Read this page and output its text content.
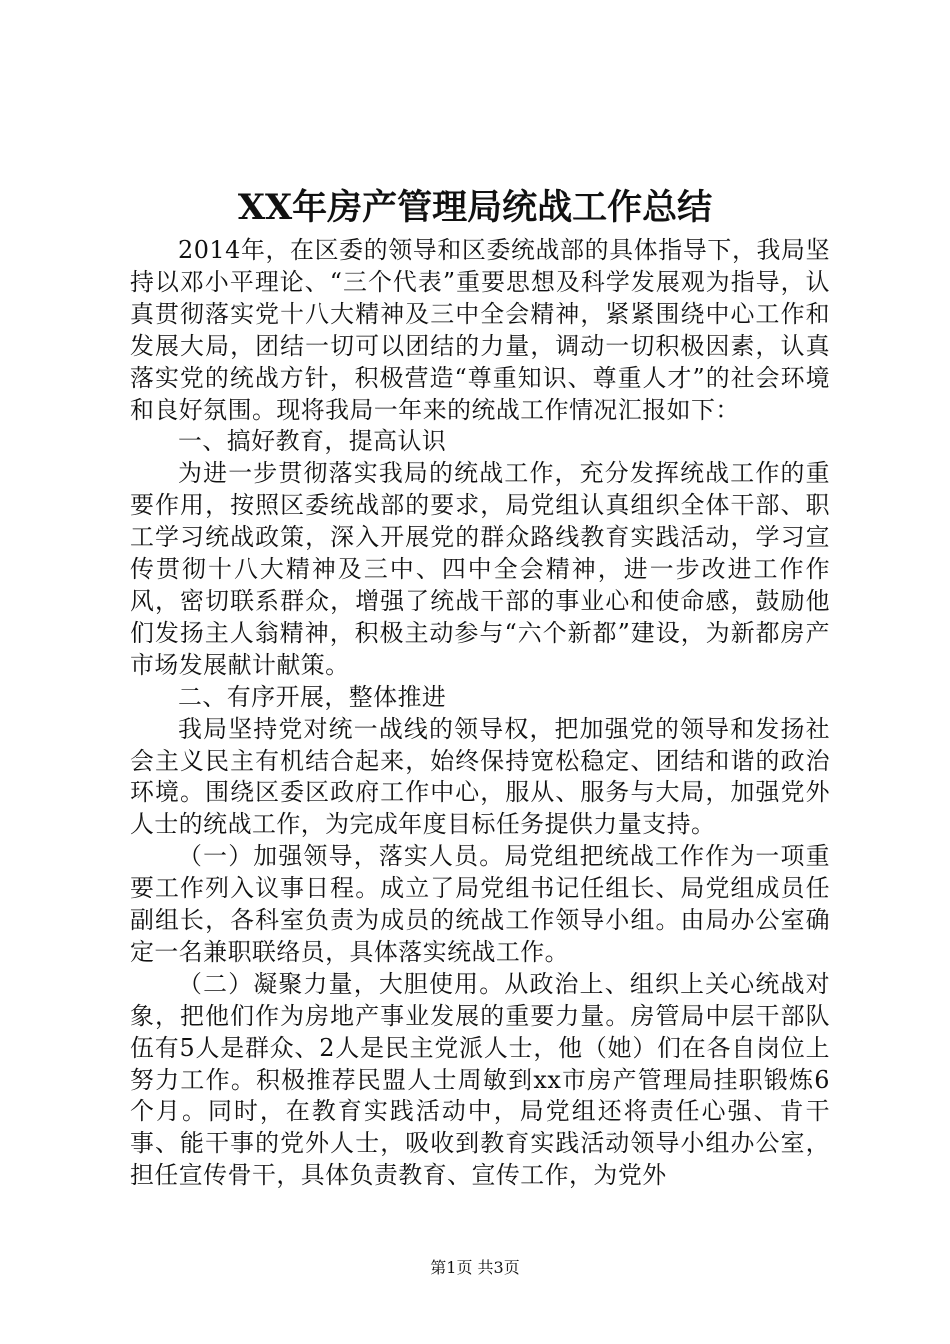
XX年房产管理局统战工作总结

2014年，在区委的领导和区委统战部的具体指导下，我局坚持以邓小平理论、“三个代表”重要思想及科学发展观为指导，认真贯彻落实党十八大精神及三中全会精神，紧紧围绕中心工作和发展大局，团结一切可以团结的力量，调动一切积极因素，认真落实党的统战方针，积极营造“尊重知识、尊重人才”的社会环境和良好氛围。现将我局一年来的统战工作情况汇报如下：

一、搞好教育，提高认识

为进一步贯彻落实我局的统战工作，充分发挥统战工作的重要作用，按照区委统战部的要求，局党组认真组织全体干部、职工学习统战政策，深入开展党的群众路线教育实践活动，学习宣传贯彻十八大精神及三中、四中全会精神，进一步改进工作作风，密切联系群众，增强了统战干部的事业心和使命感，鼓励他们发扬主人翁精神，积极主动参与“六个新都”建设，为新都房产市场发展献计献策。

二、有序开展，整体推进

我局坚持党对统一战线的领导权，把加强党的领导和发扬社会主义民主有机结合起来，始终保持宽松稳定、团结和谐的政治环境。围绕区委区政府工作中心，服从、服务与大局，加强党外人士的统战工作，为完成年度目标任务提供力量支持。

（一）加强领导，落实人员。局党组把统战工作作为一项重要工作列入议事日程。成立了局党组书记任组长、局党组成员任副组长，各科室负责为成员的统战工作领导小组。由局办公室确定一名兼职联络员，具体落实统战工作。

（二）凝聚力量，大胆使用。从政治上、组织上关心统战对象，把他们作为房地产事业发展的重要力量。房管局中层干部队伍有5人是群众、2人是民主党派人士，他（她）们在各自岗位上努力工作。积极推荐民盟人士周敏到xx市房产管理局挂职锻炼6个月。同时，在教育实践活动中，局党组还将责任心强、肯干事、能干事的党外人士，吸收到教育实践活动领导小组办公室，担任宣传骨干，具体负责教育、宣传工作，为党外

第1页 共3页
